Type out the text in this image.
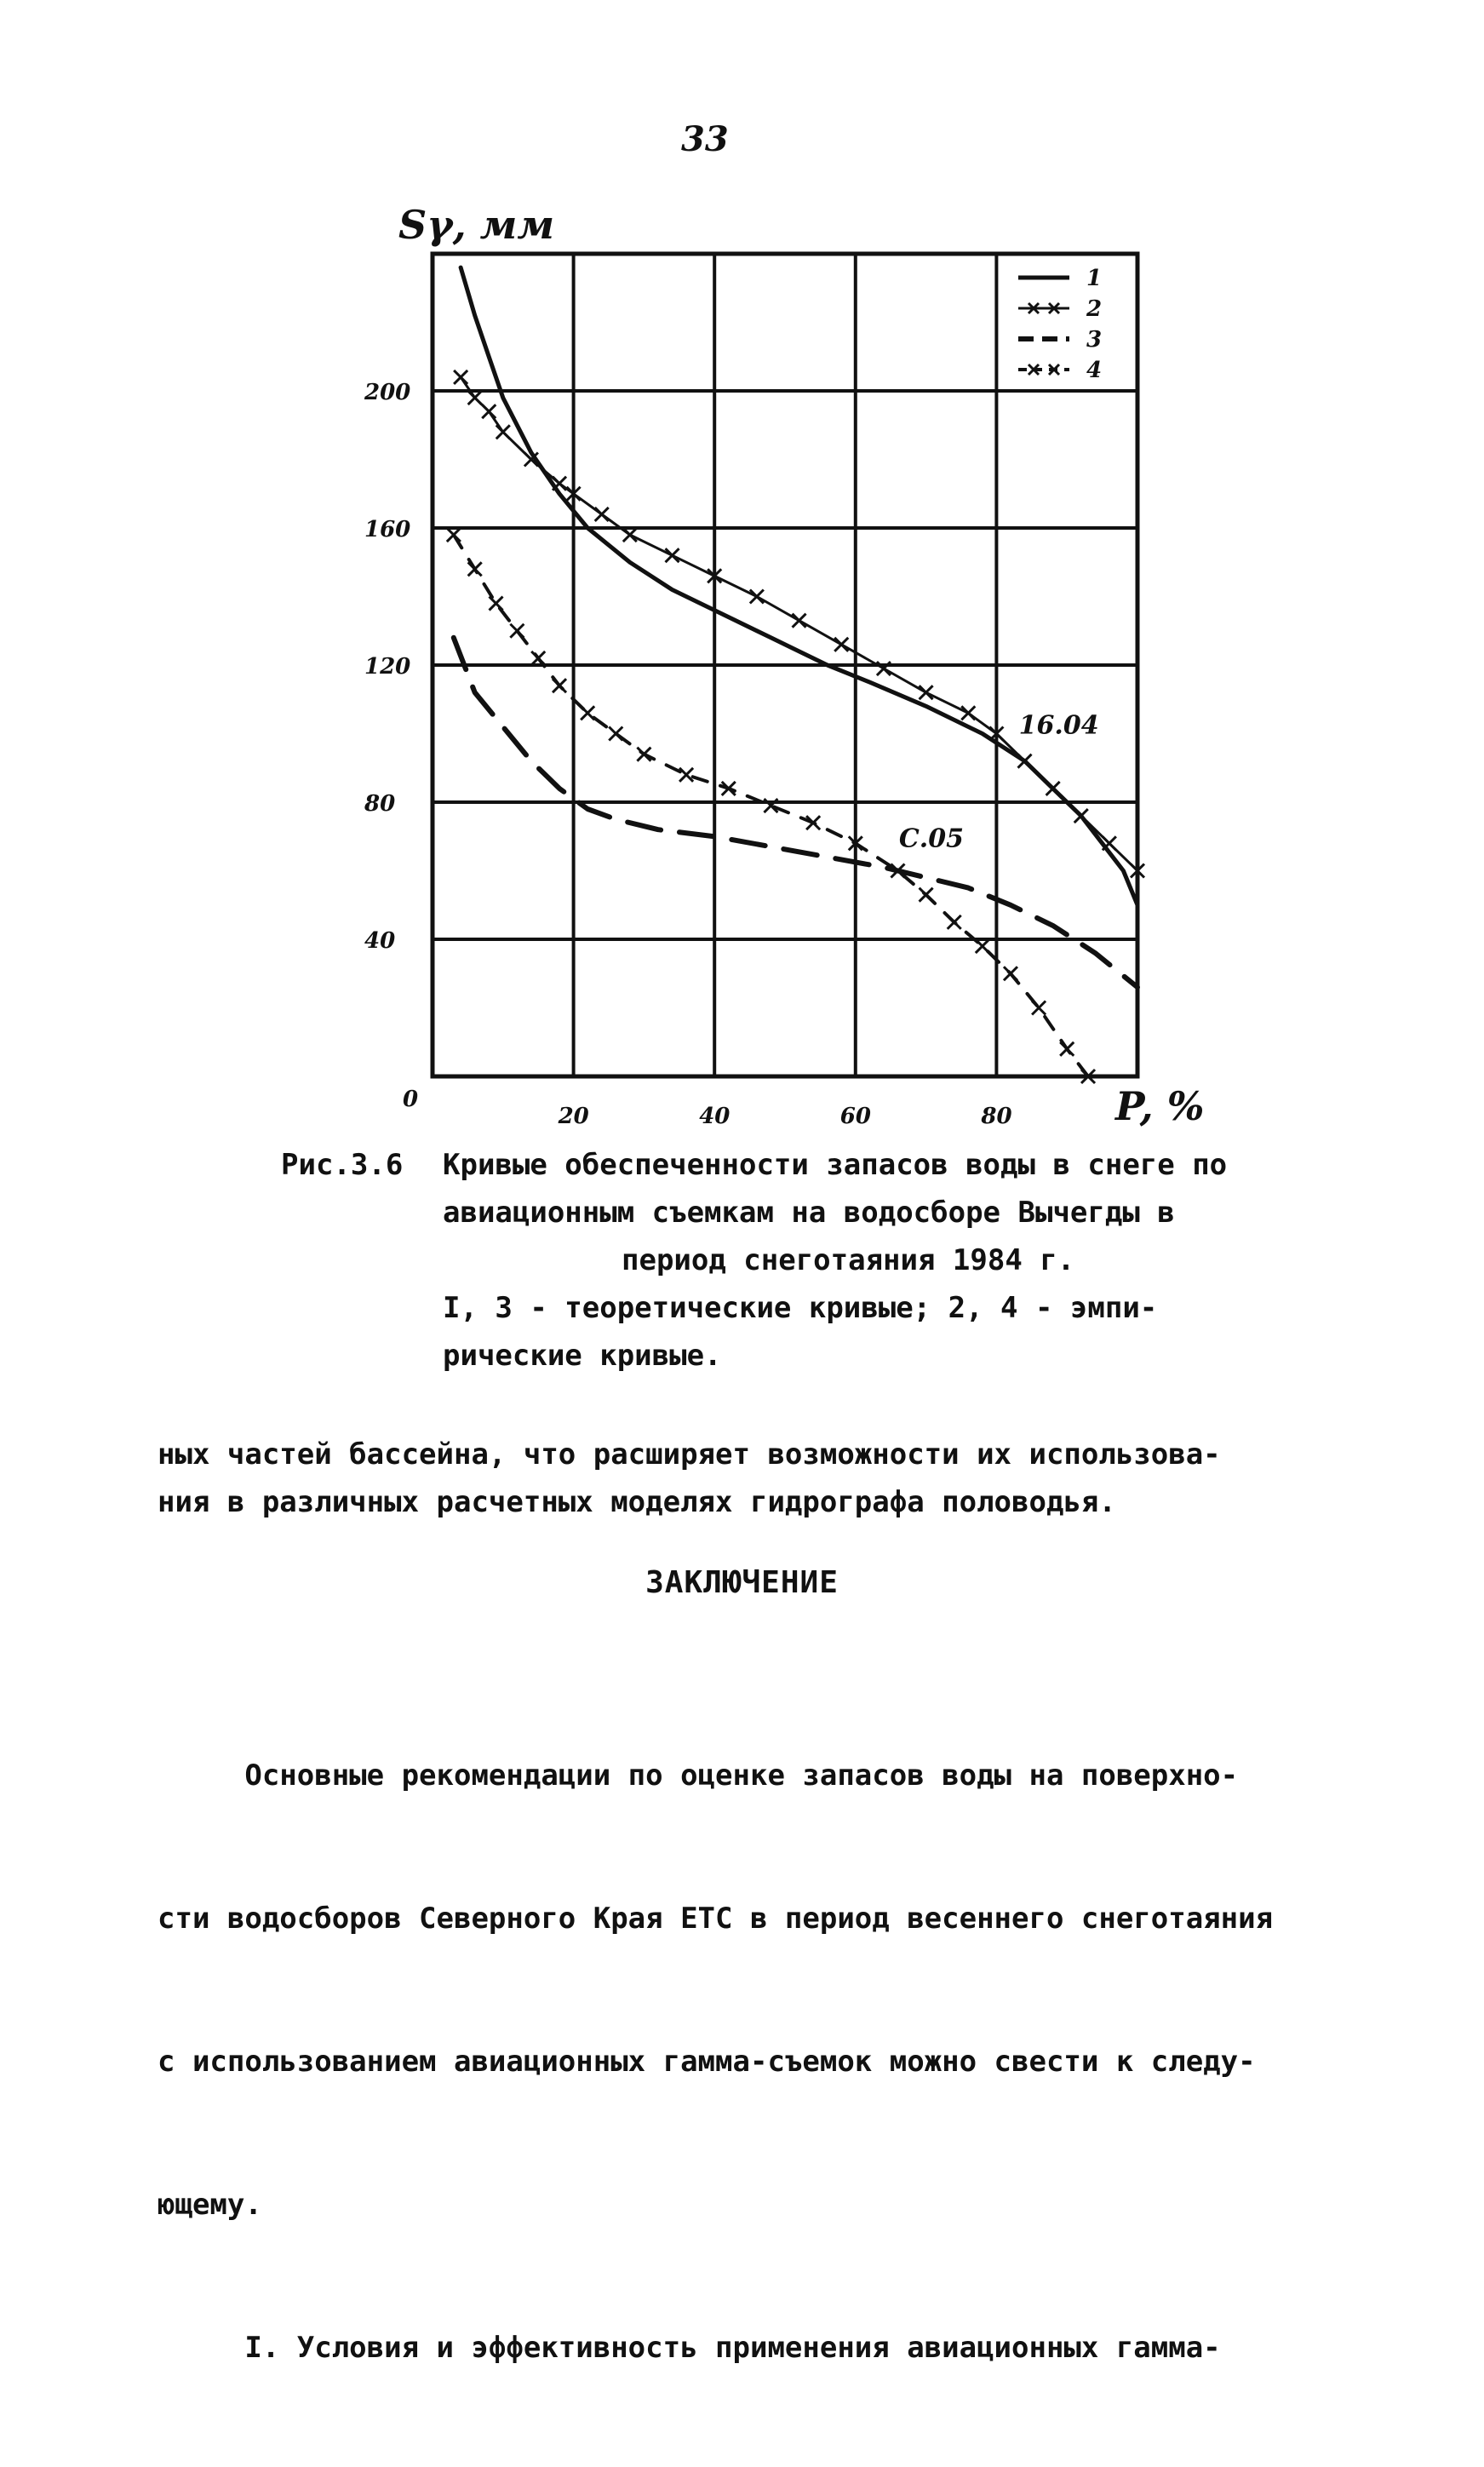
33
0
20	40	60	80
40
80
120
160
200
16.04
С.05
1
2
3
4
Sγ, мм
P, %
Рис.3.6 Кривые обеспеченности запасов воды в снеге по
авиационным съемкам на водосборе Вычегды в
период снеготаяния 1984 г.
I, 3 - теоретические кривые; 2, 4 - эмпи-
рические кривые.
ных частей бассейна, что расширяет возможности их использова-
ния в различных расчетных моделях гидрографа половодья.
ЗАКЛЮЧЕНИЕ

Основные рекомендации по оценке запасов воды на поверхно-

сти водосборов Северного Края ЕТС в период весеннего снеготаяния

с использованием авиационных гамма-съемок можно свести к следу-

ющему.

I. Условия и эффективность применения авиационных гамма-
